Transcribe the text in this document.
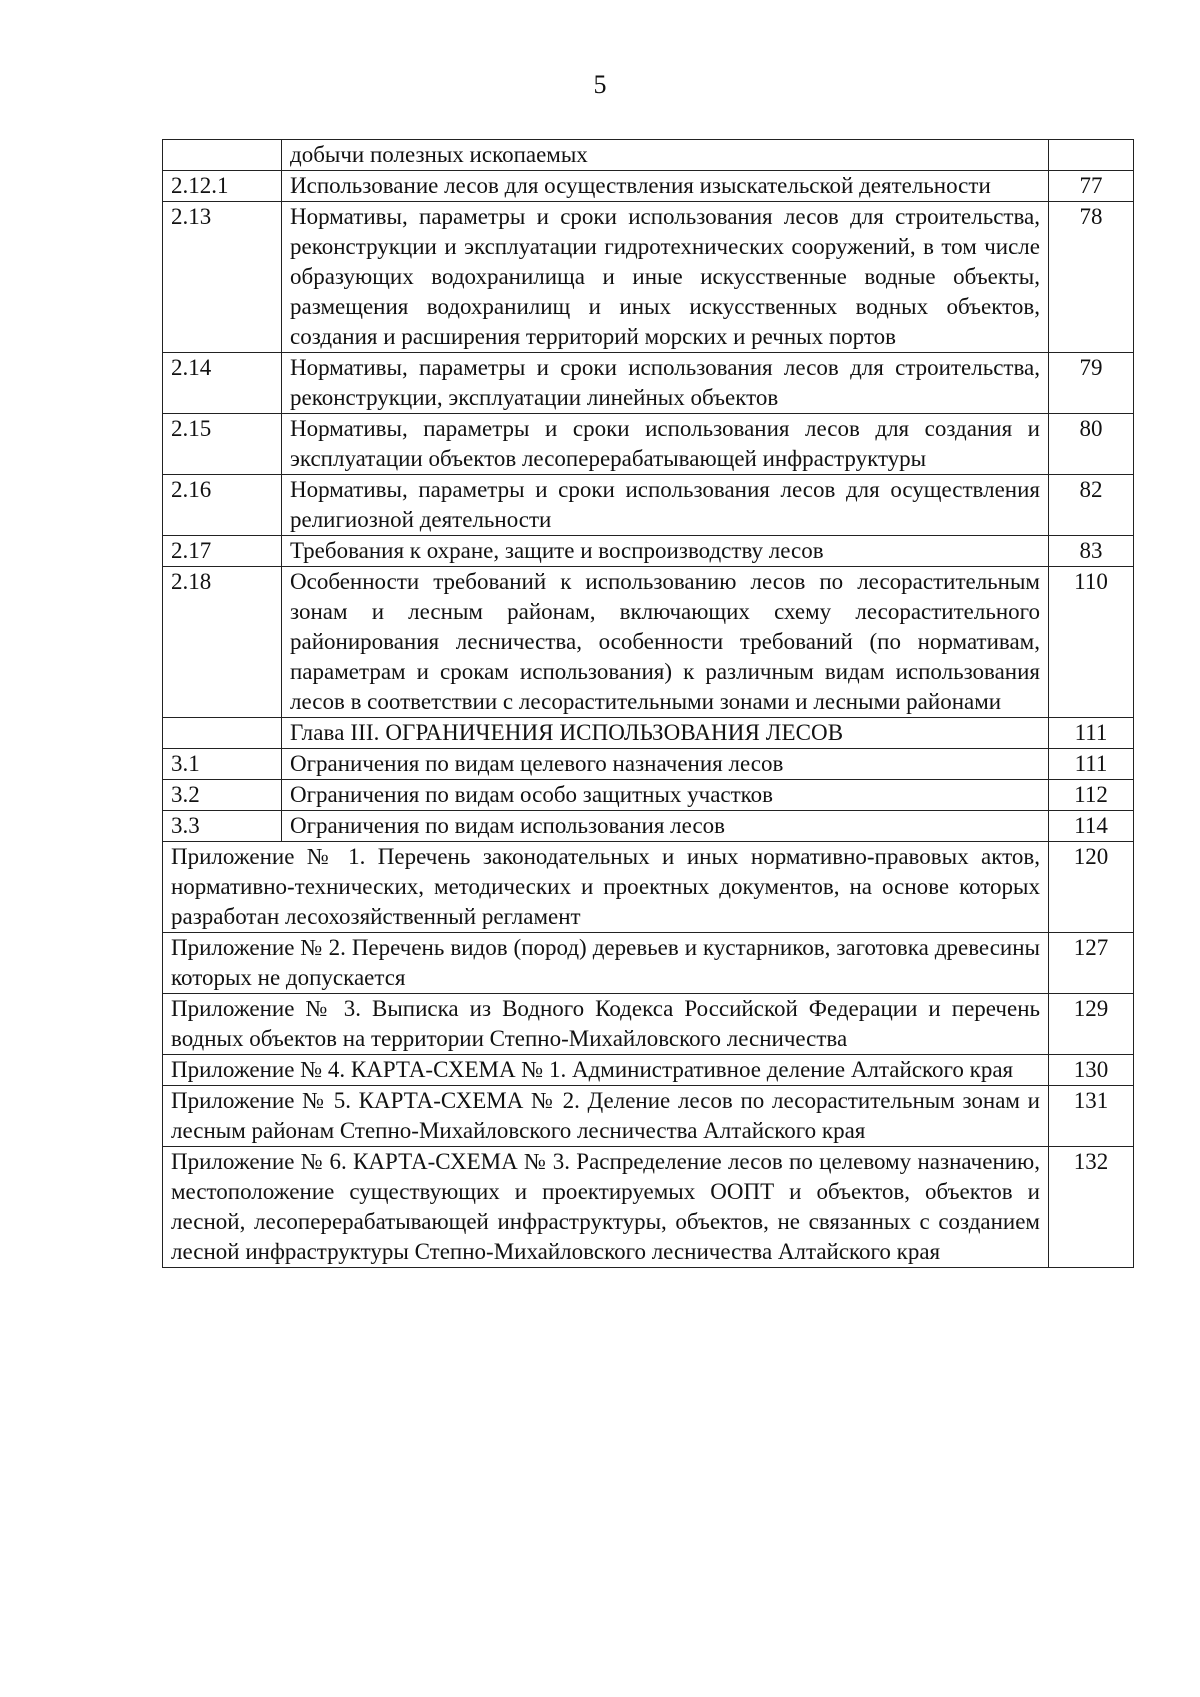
5
	добычи полезных ископаемых	
2.12.1	Использование лесов для осуществления изыскательской деятельности	77
2.13	Нормативы, параметры и сроки использования лесов для строительства, реконструкции и эксплуатации гидротехнических сооружений, в том числе образующих водохранилища и иные искусственные водные объекты, размещения водохранилищ и иных искусственных водных объектов, создания и расширения территорий морских и речных портов	78
2.14	Нормативы, параметры и сроки использования лесов для строительства, реконструкции, эксплуатации линейных объектов	79
2.15	Нормативы, параметры и сроки использования лесов для создания и эксплуатации объектов лесоперерабатывающей инфраструктуры	80
2.16	Нормативы, параметры и сроки использования лесов для осуществления религиозной деятельности	82
2.17	Требования к охране, защите и воспроизводству лесов	83
2.18	Особенности требований к использованию лесов по лесорастительным зонам и лесным районам, включающих схему лесорастительного районирования лесничества, особенности требований (по нормативам, параметрам и срокам использования) к различным видам использования лесов в соответствии с лесорастительными зонами и лесными районами	110
	Глава III. ОГРАНИЧЕНИЯ ИСПОЛЬЗОВАНИЯ ЛЕСОВ	111
3.1	Ограничения по видам целевого назначения лесов	111
3.2	Ограничения по видам особо защитных участков	112
3.3	Ограничения по видам использования лесов	114
Приложение № 1. Перечень законодательных и иных нормативно-правовых актов, нормативно-технических, методических и проектных документов, на основе которых разработан лесохозяйственный регламент		120
Приложение № 2. Перечень видов (пород) деревьев и кустарников, заготовка древесины которых не допускается		127
Приложение № 3. Выписка из Водного Кодекса Российской Федерации и перечень водных объектов на территории Степно-Михайловского лесничества		129
Приложение № 4. КАРТА-СХЕМА № 1. Административное деление Алтайского края		130
Приложение № 5. КАРТА-СХЕМА № 2. Деление лесов по лесорастительным зонам и лесным районам Степно-Михайловского лесничества Алтайского края		131
Приложение № 6. КАРТА-СХЕМА № 3. Распределение лесов по целевому назначению, местоположение существующих и проектируемых ООПТ и объектов, объектов и лесной, лесоперерабатывающей инфраструктуры, объектов, не связанных с созданием лесной инфраструктуры Степно-Михайловского лесничества Алтайского края		132
